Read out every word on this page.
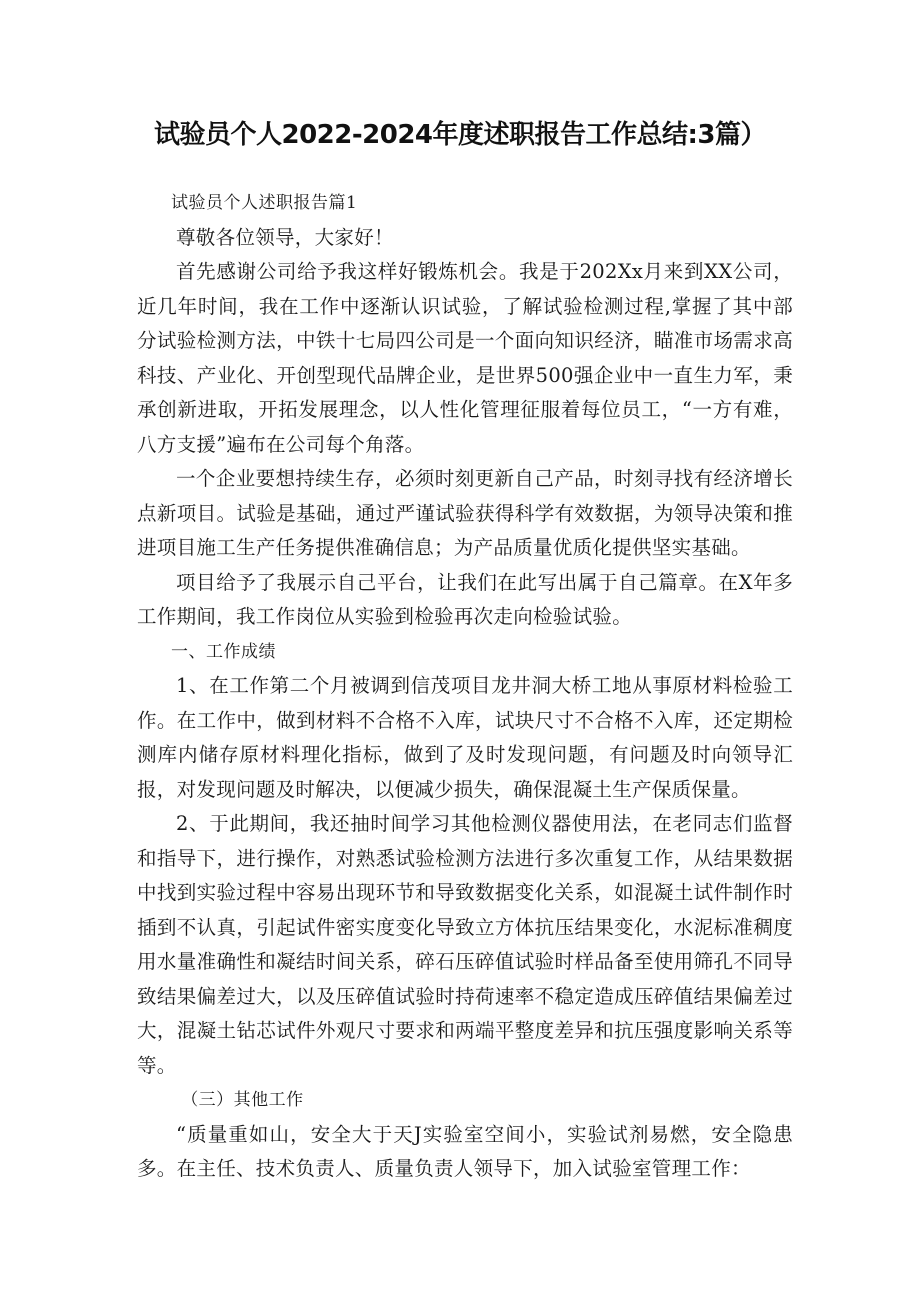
试验员个人2022-2024年度述职报告工作总结:3篇）

试验员个人述职报告篇1

尊敬各位领导，大家好！

首先感谢公司给予我这样好锻炼机会。我是于202Xx月来到XX公司，近几年时间，我在工作中逐渐认识试验，了解试验检测过程,掌握了其中部分试验检测方法，中铁十七局四公司是一个面向知识经济，瞄准市场需求高科技、产业化、开创型现代品牌企业，是世界500强企业中一直生力军，秉承创新进取，开拓发展理念，以人性化管理征服着每位员工，“一方有难，八方支援”遍布在公司每个角落。

一个企业要想持续生存，必须时刻更新自己产品，时刻寻找有经济增长点新项目。试验是基础，通过严谨试验获得科学有效数据，为领导决策和推进项目施工生产任务提供准确信息；为产品质量优质化提供坚实基础。

项目给予了我展示自己平台，让我们在此写出属于自己篇章。在X年多工作期间，我工作岗位从实验到检验再次走向检验试验。

一、工作成绩

1、在工作第二个月被调到信茂项目龙井洞大桥工地从事原材料检验工作。在工作中，做到材料不合格不入库，试块尺寸不合格不入库，还定期检测库内储存原材料理化指标，做到了及时发现问题，有问题及时向领导汇报，对发现问题及时解决，以便减少损失，确保混凝土生产保质保量。

2、于此期间，我还抽时间学习其他检测仪器使用法，在老同志们监督和指导下，进行操作，对熟悉试验检测方法进行多次重复工作，从结果数据中找到实验过程中容易出现环节和导致数据变化关系，如混凝土试件制作时插到不认真，引起试件密实度变化导致立方体抗压结果变化，水泥标准稠度用水量准确性和凝结时间关系，碎石压碎值试验时样品备至使用筛孔不同导致结果偏差过大，以及压碎值试验时持荷速率不稳定造成压碎值结果偏差过大，混凝土钻芯试件外观尺寸要求和两端平整度差异和抗压强度影响关系等等。

（三）其他工作

“质量重如山，安全大于天J实验室空间小，实验试剂易燃，安全隐患多。在主任、技术负责人、质量负责人领导下，加入试验室管理工作：
